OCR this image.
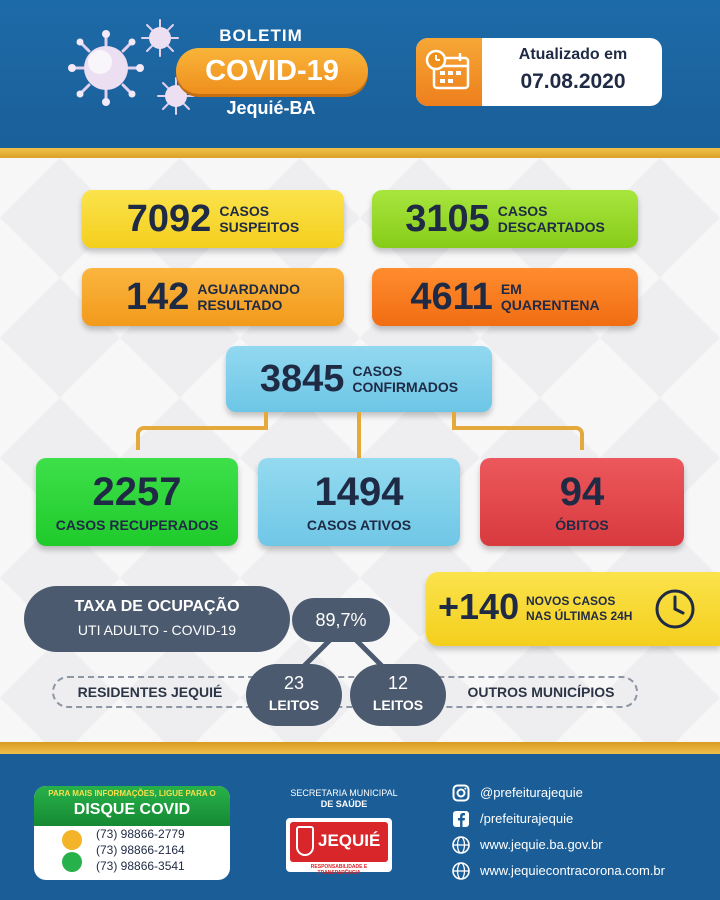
BOLETIM
COVID-19
Jequié-BA
Atualizado em
07.08.2020
7092 CASOS
SUSPEITOS	3105 CASOS
DESCARTADOS
142 AGUARDANDO
RESULTADO	4611 EM
QUARENTENA
3845 CASOS
CONFIRMADOS
2257
CASOS RECUPERADOS
1494
CASOS ATIVOS
94
ÓBITOS
RESIDENTES JEQUIÉ	OUTROS MUNICÍPIOS
TAXA DE OCUPAÇÃO
UTI ADULTO - COVID-19	89,7%
23
LEITOS
12
LEITOS
+140 NOVOS CASOS
NAS ÚLTIMAS 24H
PARA MAIS INFORMAÇÕES, LIGUE PARA O
DISQUE COVID
(73) 98866-2779
(73) 98866-2164
(73) 98866-3541
SECRETARIA MUNICIPAL
DE SAÚDE
JEQUIÉ
RESPONSABILIDADE E TRANSPARÊNCIA
@prefeiturajequie
/prefeiturajequie
www.jequie.ba.gov.br
www.jequiecontracorona.com.br
